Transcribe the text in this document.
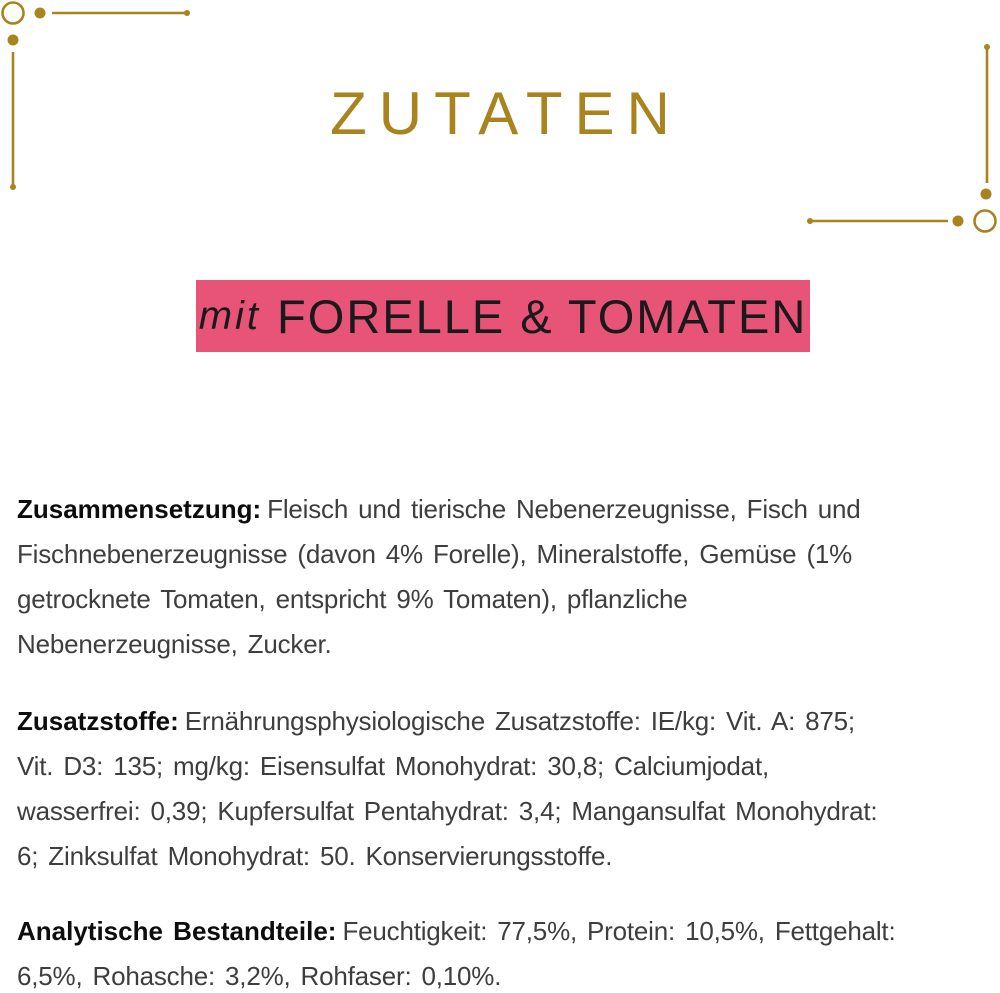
ZUTATEN
mit FORELLE & TOMATEN
Zusammensetzung: Fleisch und tierische Nebenerzeugnisse, Fisch und
Fischnebenerzeugnisse (davon 4% Forelle), Mineralstoffe, Gemüse (1%
getrocknete Tomaten, entspricht 9% Tomaten), pflanzliche
Nebenerzeugnisse, Zucker.
Zusatzstoffe: Ernährungsphysiologische Zusatzstoffe: IE/kg: Vit. A: 875;
Vit. D3: 135; mg/kg: Eisensulfat Monohydrat: 30,8; Calciumjodat,
wasserfrei: 0,39; Kupfersulfat Pentahydrat: 3,4; Mangansulfat Monohydrat:
6; Zinksulfat Monohydrat: 50. Konservierungsstoffe.
Analytische Bestandteile: Feuchtigkeit: 77,5%, Protein: 10,5%, Fettgehalt:
6,5%, Rohasche: 3,2%, Rohfaser: 0,10%.
